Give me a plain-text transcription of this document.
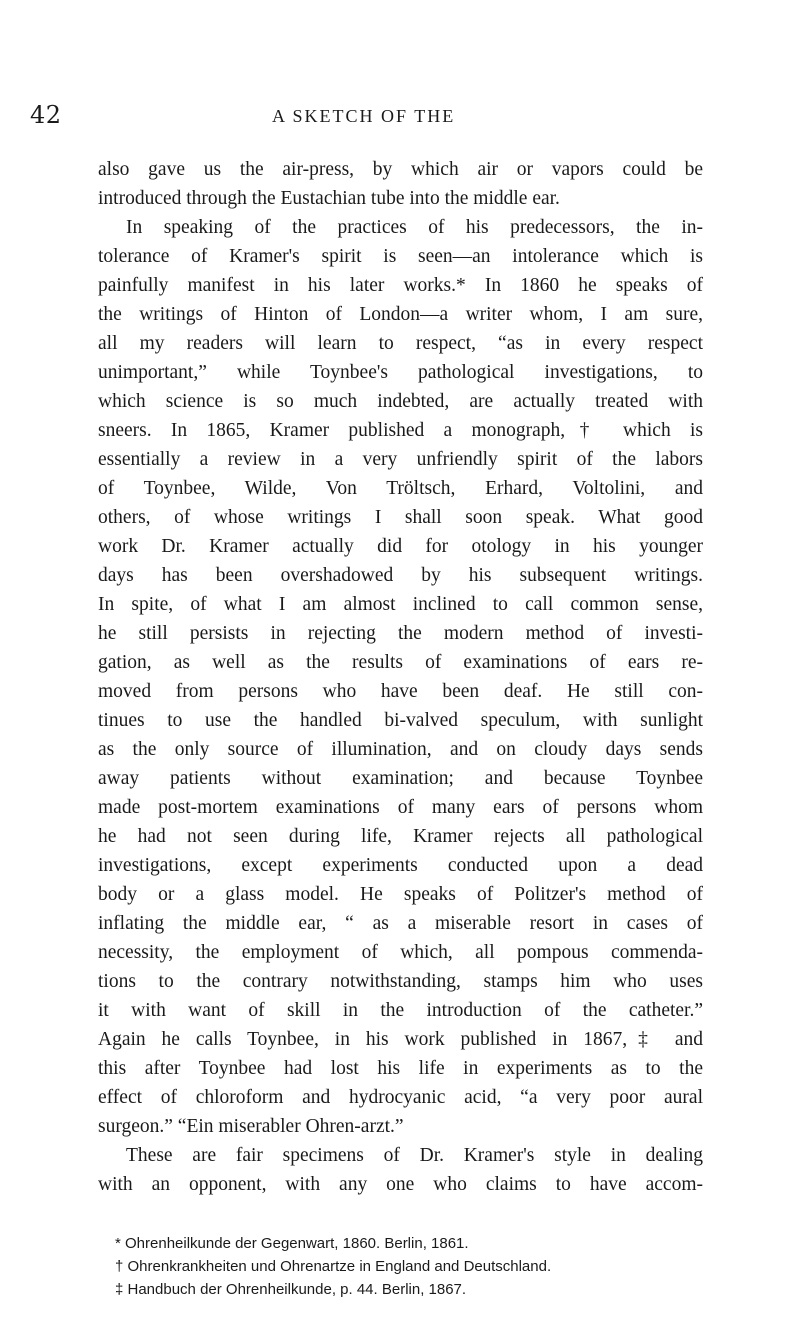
42	A SKETCH OF THE
also gave us the air-press, by which air or vapors could be
introduced through the Eustachian tube into the middle ear.
In speaking of the practices of his predecessors, the in-
tolerance of Kramer's spirit is seen—an intolerance which is
painfully manifest in his later works.* In 1860 he speaks of
the writings of Hinton of London—a writer whom, I am sure,
all my readers will learn to respect, “as in every respect
unimportant,” while Toynbee's pathological investigations, to
which science is so much indebted, are actually treated with
sneers. In 1865, Kramer published a monograph,† which is
essentially a review in a very unfriendly spirit of the labors
of Toynbee, Wilde, Von Tröltsch, Erhard, Voltolini, and
others, of whose writings I shall soon speak. What good
work Dr. Kramer actually did for otology in his younger
days has been overshadowed by his subsequent writings.
In spite, of what I am almost inclined to call common sense,
he still persists in rejecting the modern method of investi-
gation, as well as the results of examinations of ears re-
moved from persons who have been deaf. He still con-
tinues to use the handled bi-valved speculum, with sunlight
as the only source of illumination, and on cloudy days sends
away patients without examination; and because Toynbee
made post-mortem examinations of many ears of persons whom
he had not seen during life, Kramer rejects all pathological
investigations, except experiments conducted upon a dead
body or a glass model. He speaks of Politzer's method of
inflating the middle ear, “ as a miserable resort in cases of
necessity, the employment of which, all pompous commenda-
tions to the contrary notwithstanding, stamps him who uses
it with want of skill in the introduction of the catheter.”
Again he calls Toynbee, in his work published in 1867,‡ and
this after Toynbee had lost his life in experiments as to the
effect of chloroform and hydrocyanic acid, “a very poor aural
surgeon.” “Ein miserabler Ohren-arzt.”
These are fair specimens of Dr. Kramer's style in dealing
with an opponent, with any one who claims to have accom-
* Ohrenheilkunde der Gegenwart, 1860. Berlin, 1861.
† Ohrenkrankheiten und Ohrenartze in England and Deutschland.
‡ Handbuch der Ohrenheilkunde, p. 44. Berlin, 1867.
